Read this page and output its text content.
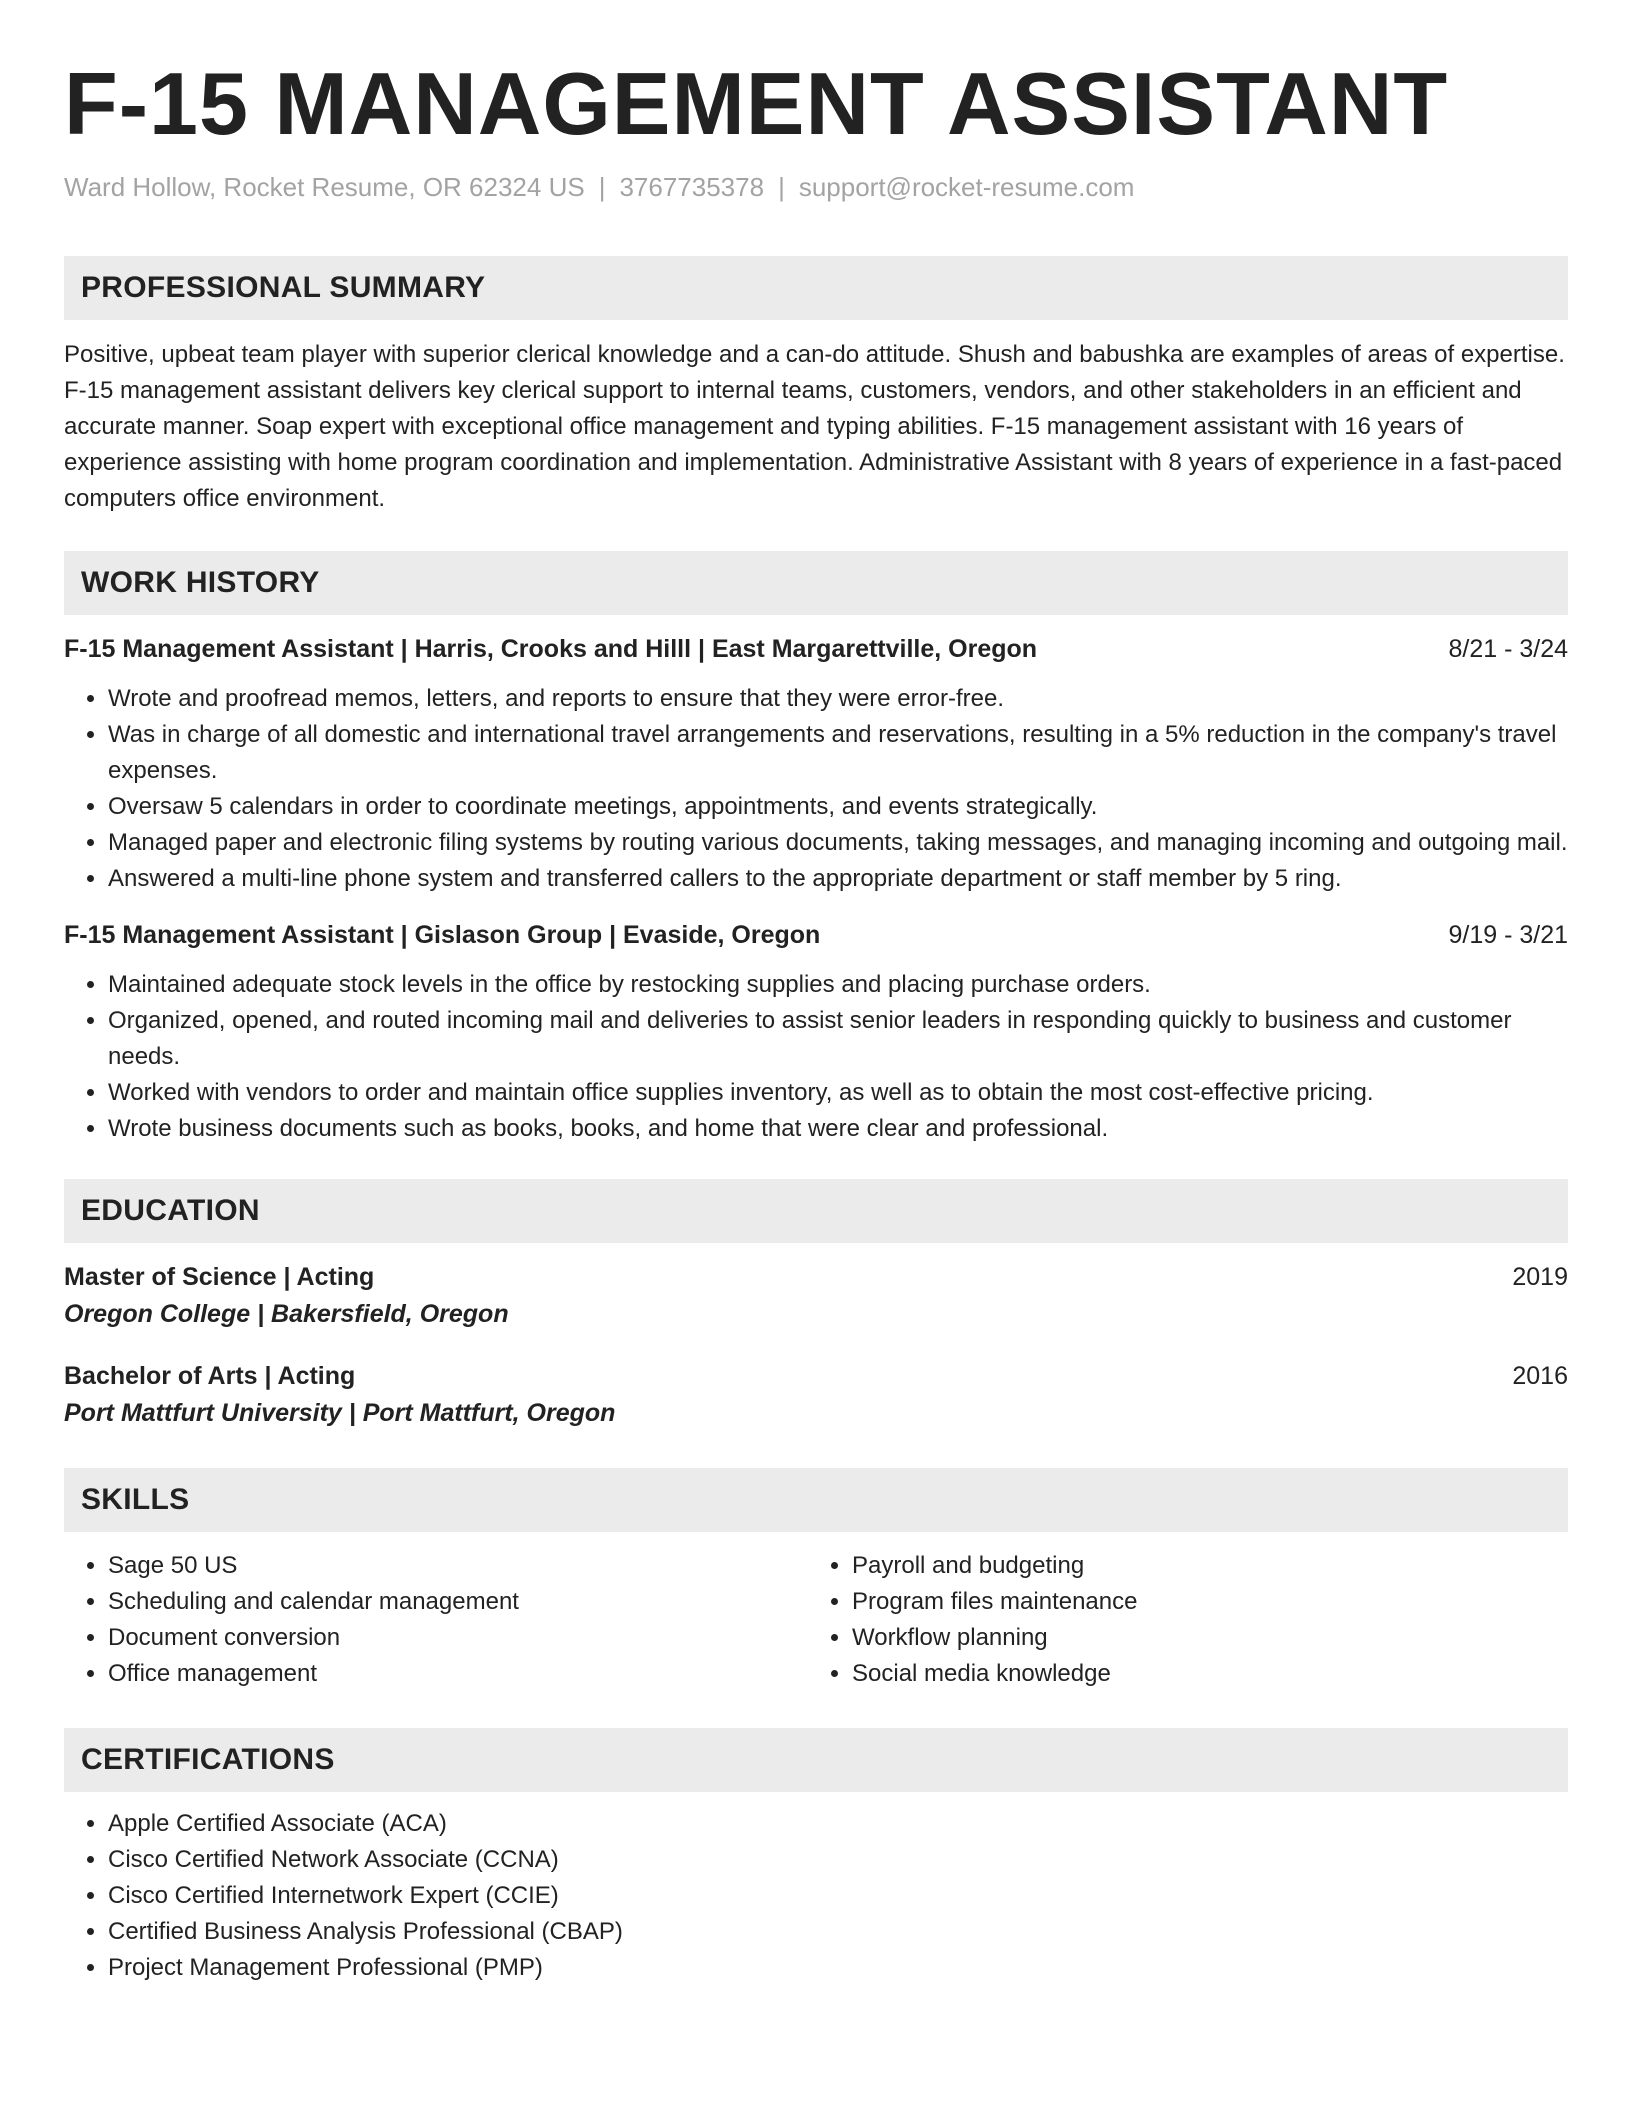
F-15 MANAGEMENT ASSISTANT
Ward Hollow, Rocket Resume, OR 62324 US | 3767735378 | support@rocket-resume.com
PROFESSIONAL SUMMARY

Positive, upbeat team player with superior clerical knowledge and a can-do attitude. Shush and babushka are examples of areas of expertise. F-15 management assistant delivers key clerical support to internal teams, customers, vendors, and other stakeholders in an efficient and accurate manner. Soap expert with exceptional office management and typing abilities. F-15 management assistant with 16 years of experience assisting with home program coordination and implementation. Administrative Assistant with 8 years of experience in a fast-paced computers office environment.

WORK HISTORY
F-15 Management Assistant | Harris, Crooks and Hilll | East Margarettville, Oregon	8/21 - 3/24
• Wrote and proofread memos, letters, and reports to ensure that they were error-free.
• Was in charge of all domestic and international travel arrangements and reservations, resulting in a 5% reduction in the company's travel expenses.
• Oversaw 5 calendars in order to coordinate meetings, appointments, and events strategically.
• Managed paper and electronic filing systems by routing various documents, taking messages, and managing incoming and outgoing mail.
• Answered a multi-line phone system and transferred callers to the appropriate department or staff member by 5 ring.
F-15 Management Assistant | Gislason Group | Evaside, Oregon	9/19 - 3/21
• Maintained adequate stock levels in the office by restocking supplies and placing purchase orders.
• Organized, opened, and routed incoming mail and deliveries to assist senior leaders in responding quickly to business and customer needs.
• Worked with vendors to order and maintain office supplies inventory, as well as to obtain the most cost-effective pricing.
• Wrote business documents such as books, books, and home that were clear and professional.
EDUCATION
Master of Science | Acting	2019
Oregon College | Bakersfield, Oregon
Bachelor of Arts | Acting	2016
Port Mattfurt University | Port Mattfurt, Oregon
SKILLS
• Sage 50 US
• Scheduling and calendar management
• Document conversion
• Office management
• Payroll and budgeting
• Program files maintenance
• Workflow planning
• Social media knowledge
CERTIFICATIONS
• Apple Certified Associate (ACA)
• Cisco Certified Network Associate (CCNA)
• Cisco Certified Internetwork Expert (CCIE)
• Certified Business Analysis Professional (CBAP)
• Project Management Professional (PMP)
